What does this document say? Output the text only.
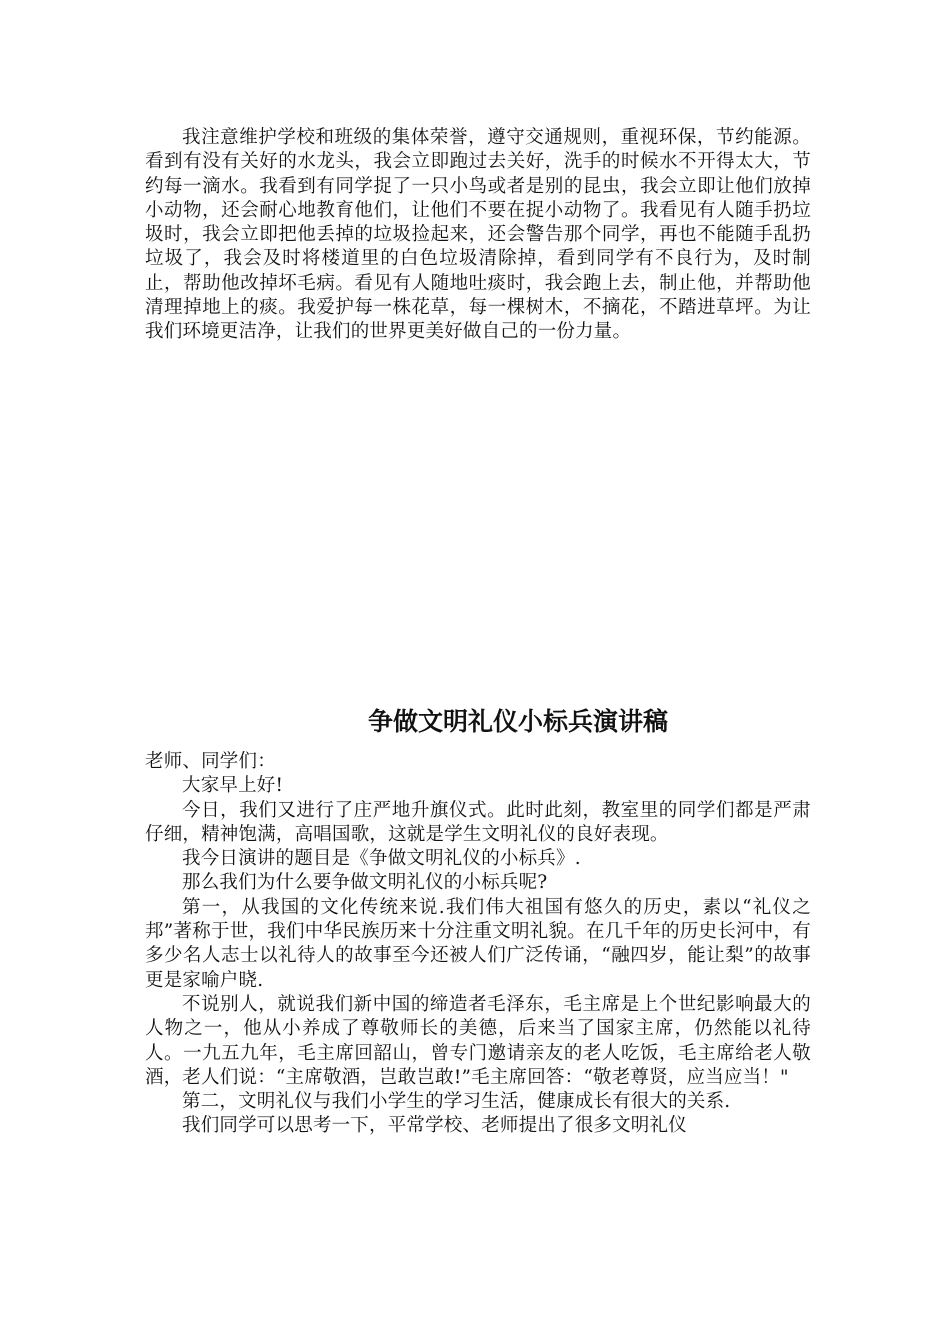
我注意维护学校和班级的集体荣誉，遵守交通规则，重视环保，节约能源。看到有没有关好的水龙头，我会立即跑过去关好，洗手的时候水不开得太大，节约每一滴水。我看到有同学捉了一只小鸟或者是别的昆虫，我会立即让他们放掉小动物，还会耐心地教育他们，让他们不要在捉小动物了。我看见有人随手扔垃圾时，我会立即把他丢掉的垃圾捡起来，还会警告那个同学，再也不能随手乱扔垃圾了，我会及时将楼道里的白色垃圾清除掉，看到同学有不良行为，及时制止，帮助他改掉坏毛病。看见有人随地吐痰时，我会跑上去，制止他，并帮助他清理掉地上的痰。我爱护每一株花草，每一棵树木，不摘花，不踏进草坪。为让我们环境更洁净，让我们的世界更美好做自己的一份力量。

争做文明礼仪小标兵演讲稿

老师、同学们：

大家早上好!

今日，我们又进行了庄严地升旗仪式。此时此刻，教室里的同学们都是严肃仔细，精神饱满，高唱国歌，这就是学生文明礼仪的良好表现。

我今日演讲的题目是《争做文明礼仪的小标兵》.

那么我们为什么要争做文明礼仪的小标兵呢?

第一，从我国的文化传统来说.我们伟大祖国有悠久的历史，素以“礼仪之邦”著称于世，我们中华民族历来十分注重文明礼貌。在几千年的历史长河中，有多少名人志士以礼待人的故事至今还被人们广泛传诵，“融四岁，能让梨”的故事更是家喻户晓.

不说别人，就说我们新中国的缔造者毛泽东，毛主席是上个世纪影响最大的人物之一，他从小养成了尊敬师长的美德，后来当了国家主席，仍然能以礼待人。一九五九年，毛主席回韶山，曾专门邀请亲友的老人吃饭，毛主席给老人敬酒，老人们说：“主席敬酒，岂敢岂敢!”毛主席回答：“敬老尊贤，应当应当！"

第二，文明礼仪与我们小学生的学习生活，健康成长有很大的关系.

我们同学可以思考一下，平常学校、老师提出了很多文明礼仪
